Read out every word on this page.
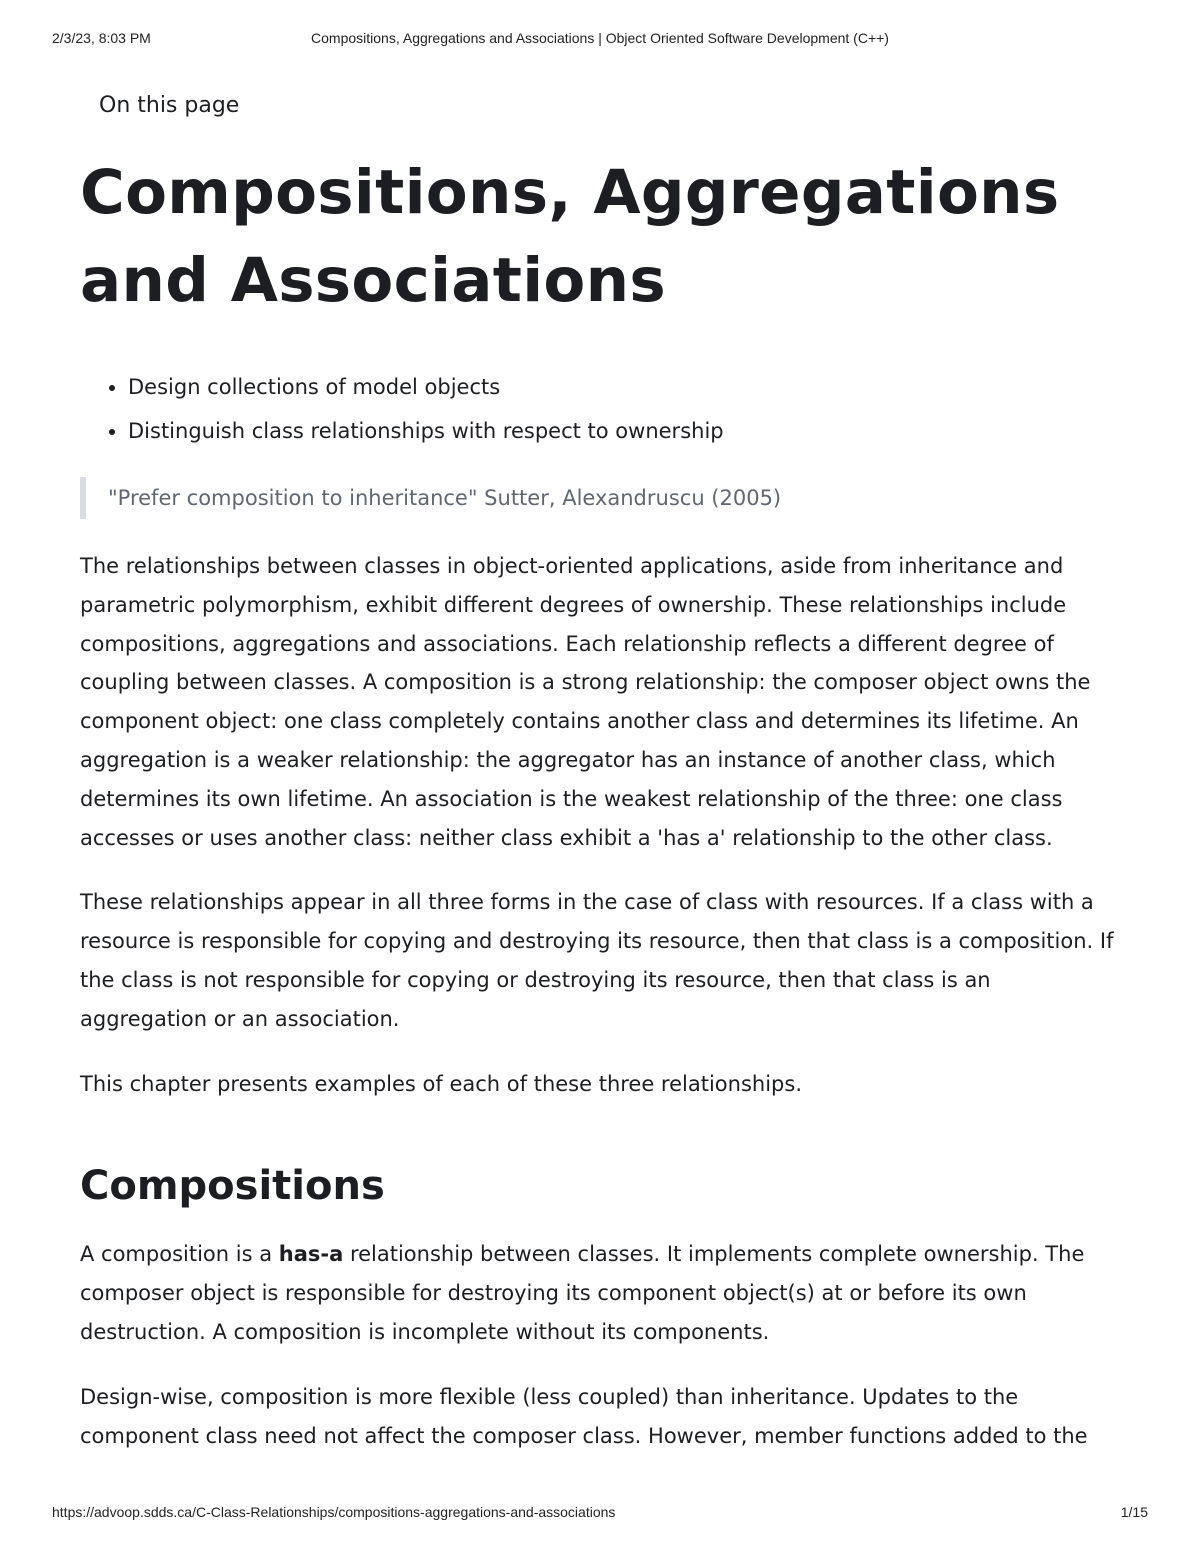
2/3/23, 8:03 PM	Compositions, Aggregations and Associations | Object Oriented Software Development (C++)
On this page
Compositions, Aggregations and Associations
• Design collections of model objects
• Distinguish class relationships with respect to ownership
"Prefer composition to inheritance" Sutter, Alexandruscu (2005)

The relationships between classes in object-oriented applications, aside from inheritance and parametric polymorphism, exhibit different degrees of ownership. These relationships include compositions, aggregations and associations. Each relationship reflects a different degree of coupling between classes. A composition is a strong relationship: the composer object owns the component object: one class completely contains another class and determines its lifetime. An aggregation is a weaker relationship: the aggregator has an instance of another class, which determines its own lifetime. An association is the weakest relationship of the three: one class accesses or uses another class: neither class exhibit a 'has a' relationship to the other class.

These relationships appear in all three forms in the case of class with resources. If a class with a resource is responsible for copying and destroying its resource, then that class is a composition. If the class is not responsible for copying or destroying its resource, then that class is an aggregation or an association.

This chapter presents examples of each of these three relationships.

Compositions

A composition is a has-a relationship between classes. It implements complete ownership. The composer object is responsible for destroying its component object(s) at or before its own destruction. A composition is incomplete without its components.

Design-wise, composition is more flexible (less coupled) than inheritance. Updates to the component class need not affect the composer class. However, member functions added to the

https://advoop.sdds.ca/C-Class-Relationships/compositions-aggregations-and-associations	1/15
